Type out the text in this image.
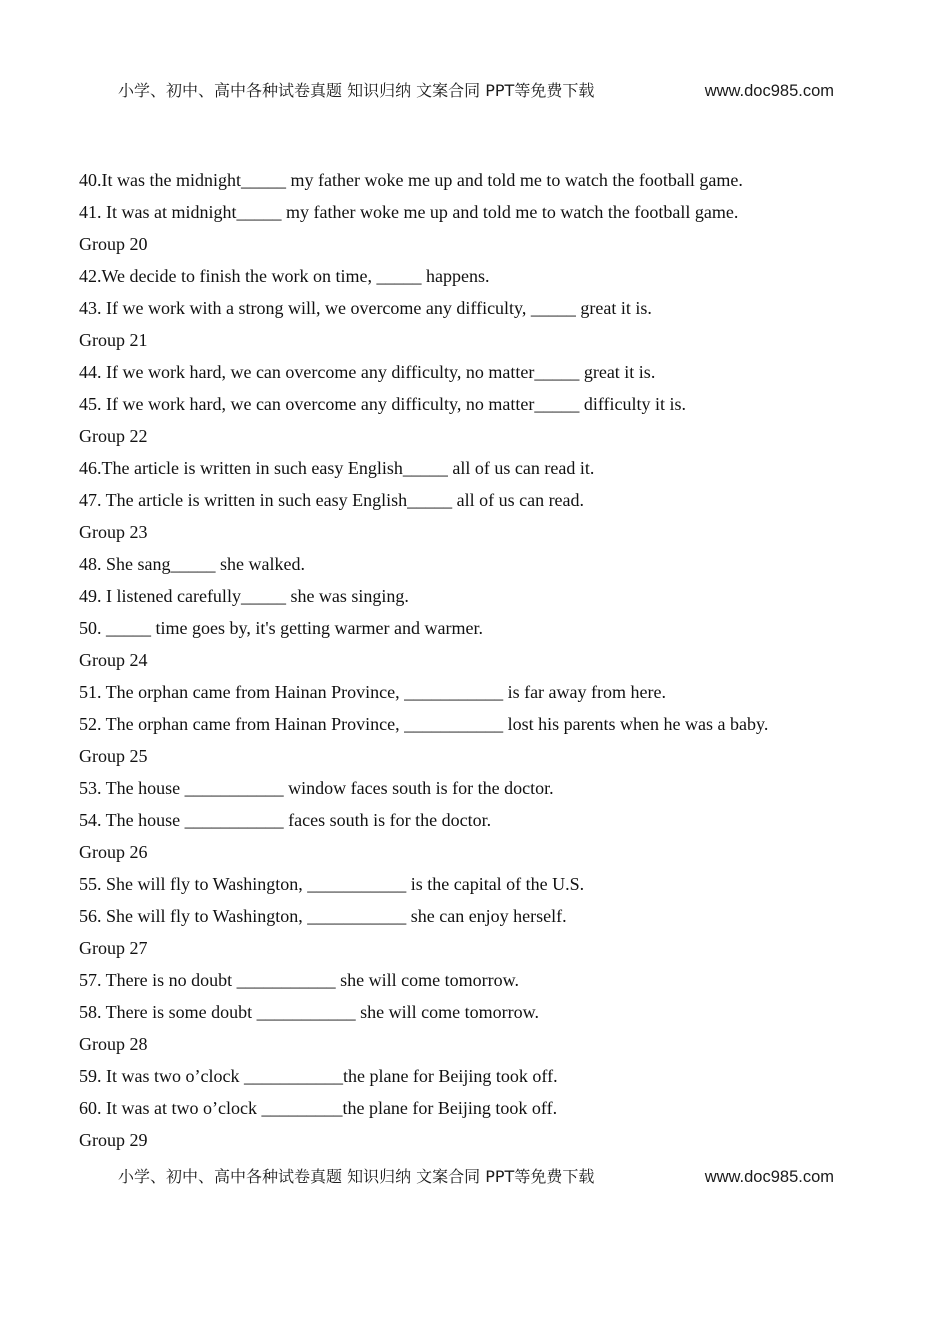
小学、初中、高中各种试卷真题 知识归纳 文案合同 PPT等免费下载	www.doc985.com
40.It was the midnight_____ my father woke me up and told me to watch the football game.
41. It was at midnight_____ my father woke me up and told me to watch the football game.
Group 20
42.We decide to finish the work on time, _____ happens.
43. If we work with a strong will, we overcome any difficulty, _____ great it is.
Group 21
44. If we work hard, we can overcome any difficulty, no matter_____ great it is.
45. If we work hard, we can overcome any difficulty, no matter_____ difficulty it is.
Group 22
46.The article is written in such easy English_____ all of us can read it.
47. The article is written in such easy English_____ all of us can read.
Group 23
48. She sang_____ she walked.
49. I listened carefully_____ she was singing.
50. _____ time goes by, it's getting warmer and warmer.
Group 24
51. The orphan came from Hainan Province, ___________ is far away from here.
52. The orphan came from Hainan Province, ___________ lost his parents when he was a baby.
Group 25
53. The house ___________ window faces south is for the doctor.
54. The house ___________ faces south is for the doctor.
Group 26
55. She will fly to Washington, ___________ is the capital of the U.S.
56. She will fly to Washington, ___________ she can enjoy herself.
Group 27
57. There is no doubt ___________ she will come tomorrow.
58. There is some doubt ___________ she will come tomorrow.
Group 28
59. It was two o’clock ___________the plane for Beijing took off.
60. It was at two o’clock _________the plane for Beijing took off.
Group 29
小学、初中、高中各种试卷真题 知识归纳 文案合同 PPT等免费下载	www.doc985.com
